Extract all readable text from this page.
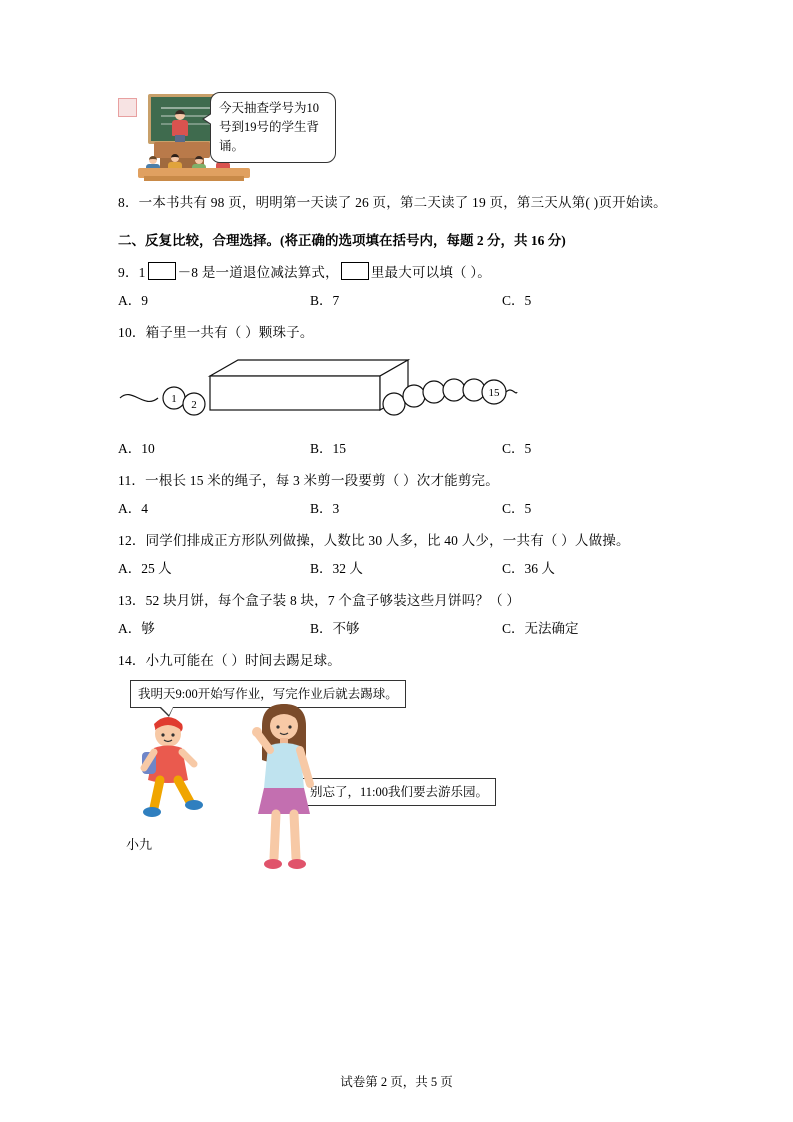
今天抽查学号为10号到19号的学生背诵。
8．一本书共有 98 页，明明第一天读了 26 页，第二天读了 19 页，第三天从第( )页开始读。
二、反复比较，合理选择。(将正确的选项填在括号内，每题 2 分，共 16 分)
9．1 －8 是一道退位减法算式， 里最大可以填（ ）。
A．9	B．7	C．5
10．箱子里一共有（ ）颗珠子。
1 2
15
A．10	B．15	C．5
11．一根长 15 米的绳子，每 3 米剪一段要剪（ ）次才能剪完。
A．4	B．3	C．5
12．同学们排成正方形队列做操，人数比 30 人多，比 40 人少，一共有（ ）人做操。
A．25 人	B．32 人	C．36 人
13．52 块月饼，每个盒子装 8 块，7 个盒子够装这些月饼吗？（ ）
A．够	B．不够	C．无法确定
14．小九可能在（ ）时间去踢足球。
我明天9:00开始写作业，写完作业后就去踢球。
别忘了，11:00我们要去游乐园。
小九
试卷第 2 页，共 5 页
